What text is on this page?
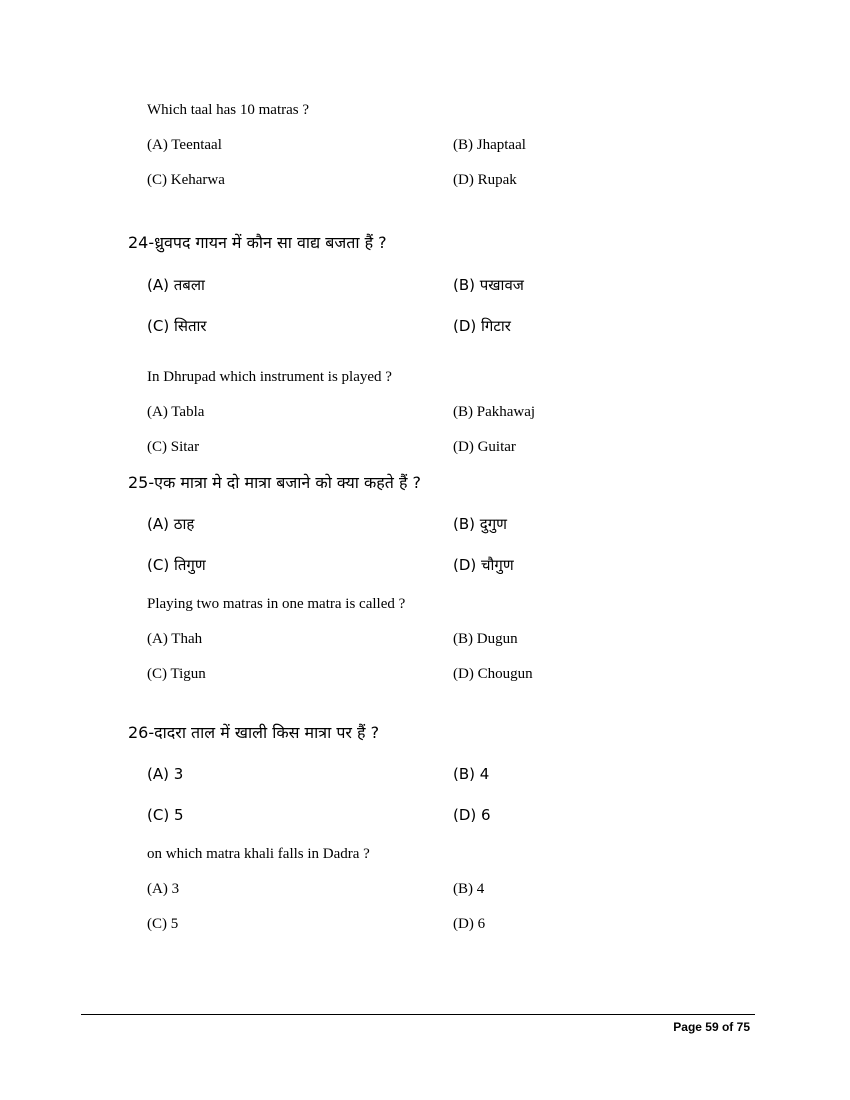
Which taal has 10 matras ?
(A) Teentaal	(B) Jhaptaal
(C) Keharwa	(D) Rupak
24-ध्रुवपद गायन में कौन सा वाद्य बजता हैं ?
(A) तबला	(B) पखावज
(C) सितार	(D) गिटार
In Dhrupad which instrument is played ?
(A) Tabla	(B) Pakhawaj
(C) Sitar	(D) Guitar
25-एक मात्रा मे दो मात्रा बजाने को क्या कहते हैं ?
(A) ठाह	(B) दुगुण
(C) तिगुण	(D) चौगुण
Playing two matras in one matra is called ?
(A) Thah	(B) Dugun
(C) Tigun	(D) Chougun
26-दादरा ताल में खाली किस मात्रा पर हैं ?
(A) 3	(B) 4
(C) 5	(D) 6
on which matra khali falls in Dadra ?
(A) 3	(B) 4
(C) 5	(D) 6
Page 59 of 75
